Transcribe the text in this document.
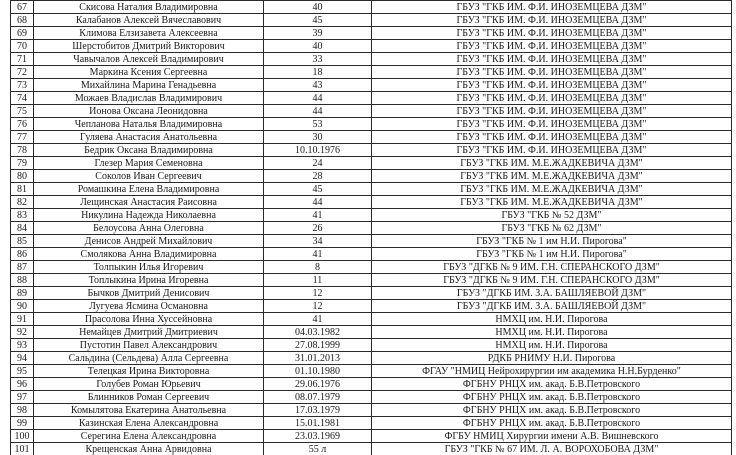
67	Скисова Наталия Владимировна	40	ГБУЗ "ГКБ ИМ. Ф.И. ИНОЗЕМЦЕВА ДЗМ"
68	Калабанов Алексей Вячеславович	45	ГБУЗ "ГКБ ИМ. Ф.И. ИНОЗЕМЦЕВА ДЗМ"
69	Климова Елзизавета Алексеевна	39	ГБУЗ "ГКБ ИМ. Ф.И. ИНОЗЕМЦЕВА ДЗМ"
70	Шерстобитов Дмитрий Викторович	40	ГБУЗ "ГКБ ИМ. Ф.И. ИНОЗЕМЦЕВА ДЗМ"
71	Чавычалов Алексей Владимирович	33	ГБУЗ "ГКБ ИМ. Ф.И. ИНОЗЕМЦЕВА ДЗМ"
72	Маркина Ксения Сергеевна	18	ГБУЗ "ГКБ ИМ. Ф.И. ИНОЗЕМЦЕВА ДЗМ"
73	Михайлина Марина Генадьевна	43	ГБУЗ "ГКБ ИМ. Ф.И. ИНОЗЕМЦЕВА ДЗМ"
74	Можаев Владислав Владимирович	44	ГБУЗ "ГКБ ИМ. Ф.И. ИНОЗЕМЦЕВА ДЗМ"
75	Ионова Оксана Леонидовна	44	ГБУЗ "ГКБ ИМ. Ф.И. ИНОЗЕМЦЕВА ДЗМ"
76	Чепланова Наталья Владимировна	53	ГБУЗ "ГКБ ИМ. Ф.И. ИНОЗЕМЦЕВА ДЗМ"
77	Гуляева Анастасия Анатольевна	30	ГБУЗ "ГКБ ИМ. Ф.И. ИНОЗЕМЦЕВА ДЗМ"
78	Бедрик Оксана Владимировна	10.10.1976	ГБУЗ "ГКБ ИМ. Ф.И. ИНОЗЕМЦЕВА ДЗМ"
79	Глезер Мария Семеновна	24	ГБУЗ "ГКБ ИМ. М.Е.ЖАДКЕВИЧА ДЗМ"
80	Соколов Иван Сергеевич	28	ГБУЗ "ГКБ ИМ. М.Е.ЖАДКЕВИЧА ДЗМ"
81	Ромашкина Елена Владимировна	45	ГБУЗ "ГКБ ИМ. М.Е.ЖАДКЕВИЧА ДЗМ"
82	Лещинская Анастасия Раисовна	44	ГБУЗ "ГКБ ИМ. М.Е.ЖАДКЕВИЧА ДЗМ"
83	Никулина Надежда Николаевна	41	ГБУЗ "ГКБ № 52 ДЗМ"
84	Белоусова Анна Олеговна	26	ГБУЗ "ГКБ № 62 ДЗМ"
85	Денисов Андрей Михайлович	34	ГБУЗ "ГКБ № 1 им Н.И. Пирогова"
86	Смолякова Анна Владимировна	41	ГБУЗ "ГКБ № 1 им Н.И. Пирогова"
87	Толпыкин Илья Игоревич	8	ГБУЗ "ДГКБ № 9 ИМ. Г.Н. СПЕРАНСКОГО ДЗМ"
88	Топлыкина Ирина Игоревна	11	ГБУЗ "ДГКБ № 9 ИМ. Г.Н. СПЕРАНСКОГО ДЗМ"
89	Бычков Дмитрий Денисович	12	ГБУЗ "ДГКБ ИМ. З.А. БАШЛЯЕВОЙ ДЗМ"
90	Лугуева Ясмина Османовна	12	ГБУЗ "ДГКБ ИМ. З.А. БАШЛЯЕВОЙ ДЗМ"
91	Прасолова Инна Хуссейновна	41	НМХЦ им. Н.И. Пирогова
92	Немайцев Дмитрий Дмитриевич	04.03.1982	НМХЦ им. Н.И. Пирогова
93	Пустотин Павел Александрович	27.08.1999	НМХЦ им. Н.И. Пирогова
94	Сальдина (Сельдева) Алла Сергеевна	31.01.2013	РДКБ РНИМУ Н.И. Пирогова
95	Телецкая Ирина Викторовна	01.10.1980	ФГАУ "НМИЦ Нейрохирургии им академика Н.Н.Бурденко"
96	Голубев Роман Юрьевич	29.06.1976	ФГБНУ РНЦХ им. акад. Б.В.Петровского
97	Блинников Роман Сергеевич	08.07.1979	ФГБНУ РНЦХ им. акад. Б.В.Петровского
98	Комылятова Екатерина Анатольевна	17.03.1979	ФГБНУ РНЦХ им. акад. Б.В.Петровского
99	Казинская Елена Александровна	15.01.1981	ФГБНУ РНЦХ им. акад. Б.В.Петровского
100	Серегина Елена Александровна	23.03.1969	ФГБУ НМИЦ Хирургии имени А.В. Вишневского
101	Крещенская Анна Арвидовна	55 л	ГБУЗ "ГКБ № 67 ИМ. Л. А. ВОРОХОБОВА ДЗМ"
